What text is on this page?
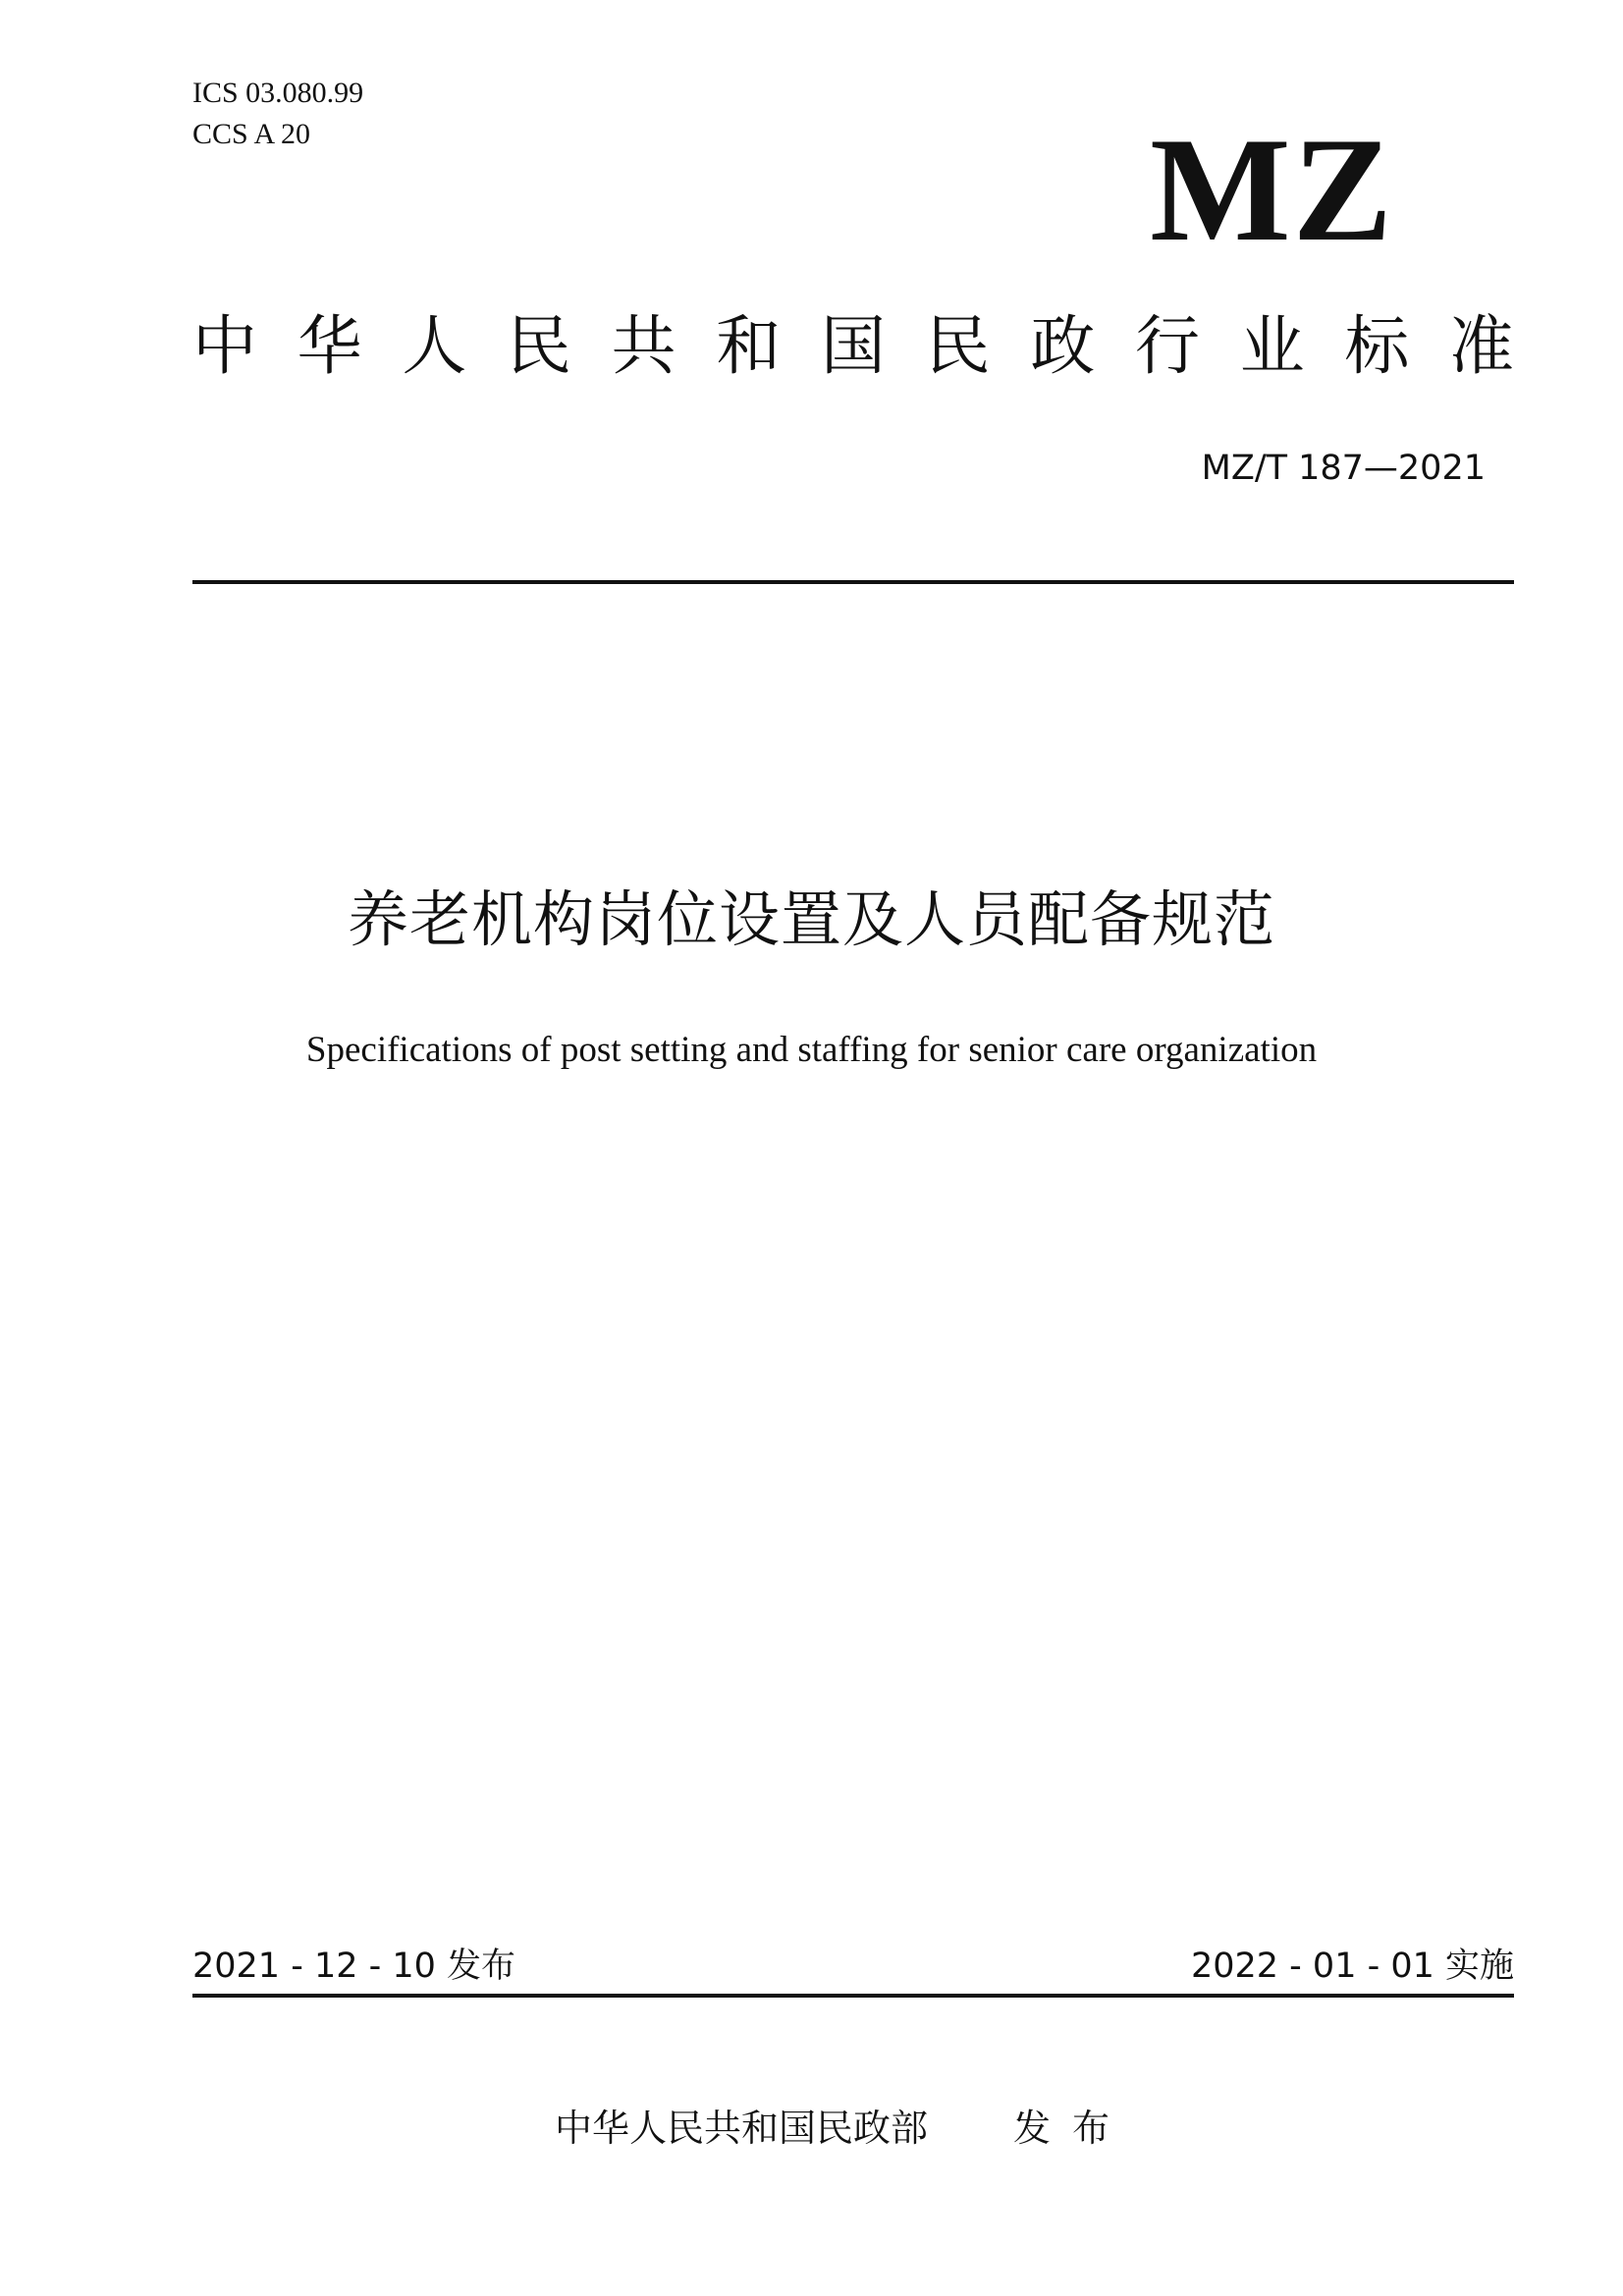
ICS 03.080.99
CCS A 20	MZ
中 华 人 民 共 和 国 民 政 行 业 标 准
MZ/T 187—2021
养老机构岗位设置及人员配备规范
Specifications of post setting and staffing for senior care organization
2021 - 12 - 10 发布	2022 - 01 - 01 实施
中华人民共和国民政部 发布
